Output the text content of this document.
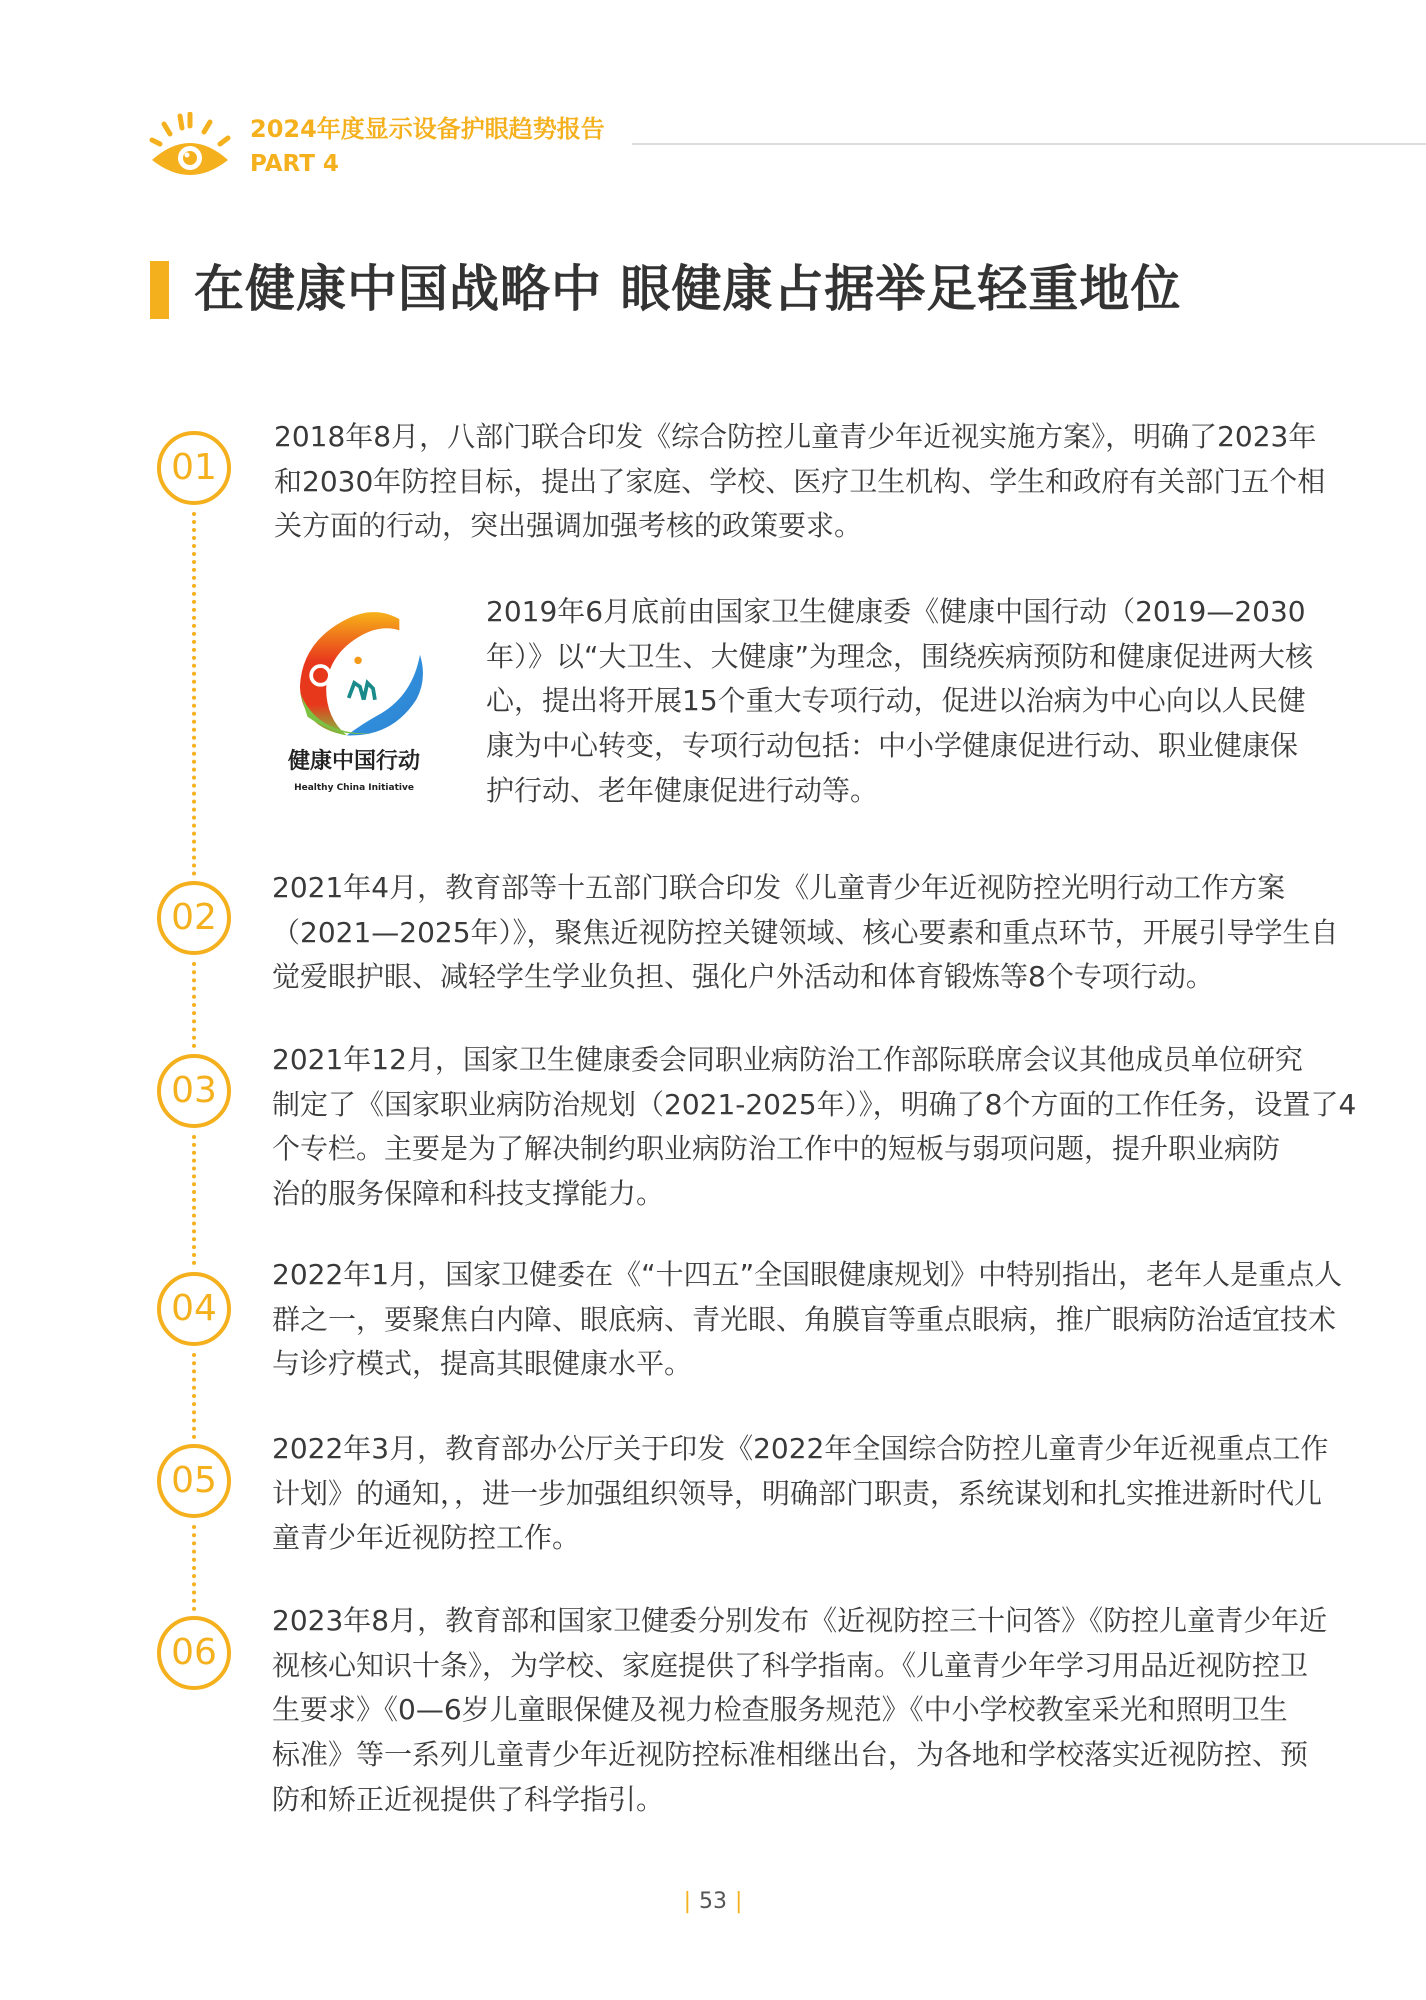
2024年度显示设备护眼趋势报告
PART 4
在健康中国战略中 眼健康占据举足轻重地位
01
2018年8月，八部门联合印发《综合防控儿童青少年近视实施方案》，明确了2023年
和2030年防控目标，提出了家庭、学校、医疗卫生机构、学生和政府有关部门五个相
关方面的行动，突出强调加强考核的政策要求。
健康中国行动
Healthy China Initiative
2019年6月底前由国家卫生健康委《健康中国行动（2019—2030
年）》以“大卫生、大健康”为理念，围绕疾病预防和健康促进两大核
心，提出将开展15个重大专项行动，促进以治病为中心向以人民健
康为中心转变，专项行动包括：中小学健康促进行动、职业健康保
护行动、老年健康促进行动等。
02
2021年4月，教育部等十五部门联合印发《儿童青少年近视防控光明行动工作方案
（2021—2025年）》，聚焦近视防控关键领域、核心要素和重点环节，开展引导学生自
觉爱眼护眼、减轻学生学业负担、强化户外活动和体育锻炼等8个专项行动。
03
2021年12月，国家卫生健康委会同职业病防治工作部际联席会议其他成员单位研究
制定了《国家职业病防治规划（2021-2025年）》，明确了8个方面的工作任务，设置了4
个专栏。主要是为了解决制约职业病防治工作中的短板与弱项问题，提升职业病防
治的服务保障和科技支撑能力。
04
2022年1月，国家卫健委在《“十四五”全国眼健康规划》中特别指出，老年人是重点人
群之一，要聚焦白内障、眼底病、青光眼、角膜盲等重点眼病，推广眼病防治适宜技术
与诊疗模式，提高其眼健康水平。
05
2022年3月，教育部办公厅关于印发《2022年全国综合防控儿童青少年近视重点工作
计划》的通知，，进一步加强组织领导，明确部门职责，系统谋划和扎实推进新时代儿
童青少年近视防控工作。
06
2023年8月，教育部和国家卫健委分别发布《近视防控三十问答》《防控儿童青少年近
视核心知识十条》，为学校、家庭提供了科学指南。《儿童青少年学习用品近视防控卫
生要求》《0—6岁儿童眼保健及视力检查服务规范》《中小学校教室采光和照明卫生
标准》等一系列儿童青少年近视防控标准相继出台，为各地和学校落实近视防控、预
防和矫正近视提供了科学指引。
| 53 |
